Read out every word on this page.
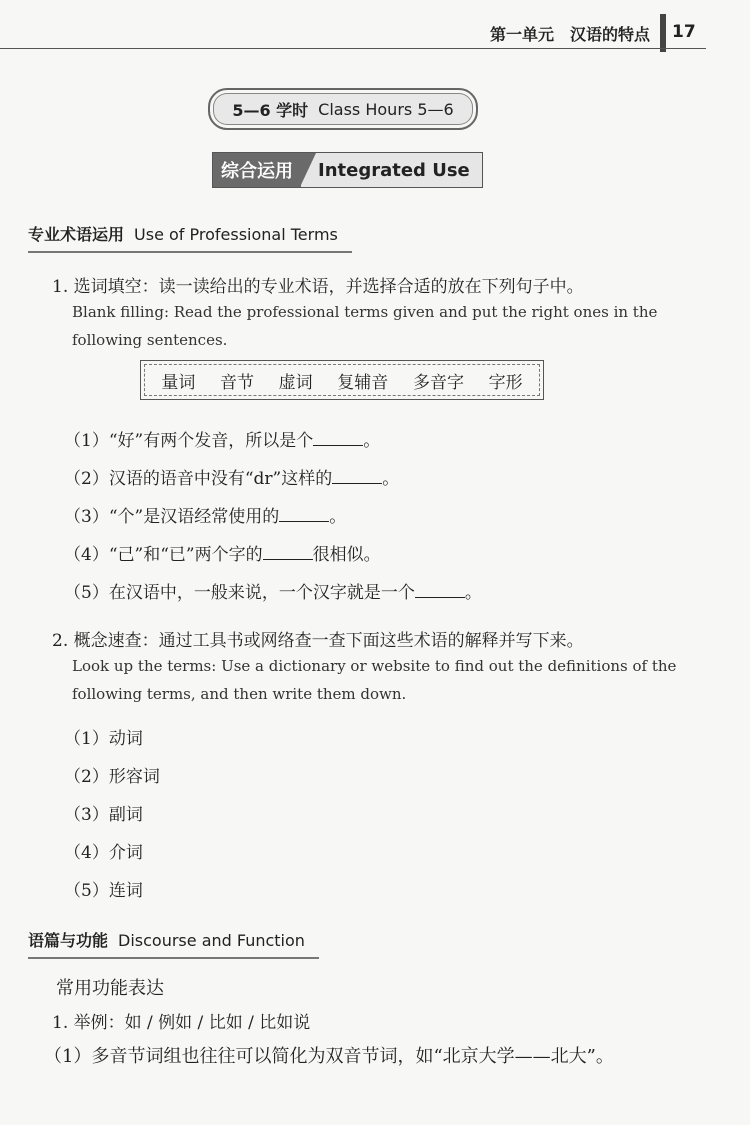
第一单元　汉语的特点 17
5—6 学时 Class Hours 5—6
综合运用	Integrated Use
专业术语运用 Use of Professional Terms
1. 选词填空：读一读给出的专业术语，并选择合适的放在下列句子中。
Blank filling: Read the professional terms given and put the right ones in the
following sentences.
量词 音节 虚词 复辅音 多音字 字形
（1）“好”有两个发音，所以是个	。
（2）汉语的语音中没有“dr”这样的	。
（3）“个”是汉语经常使用的	。
（4）“己”和“已”两个字的	很相似。
（5）在汉语中，一般来说，一个汉字就是一个	。
2. 概念速查：通过工具书或网络查一查下面这些术语的解释并写下来。
Look up the terms: Use a dictionary or website to find out the definitions of the
following terms, and then write them down.
（1）动词
（2）形容词
（3）副词
（4）介词
（5）连词
语篇与功能 Discourse and Function
常用功能表达
1. 举例：如 / 例如 / 比如 / 比如说
（1）多音节词组也往往可以简化为双音节词，如“北京大学——北大”。
